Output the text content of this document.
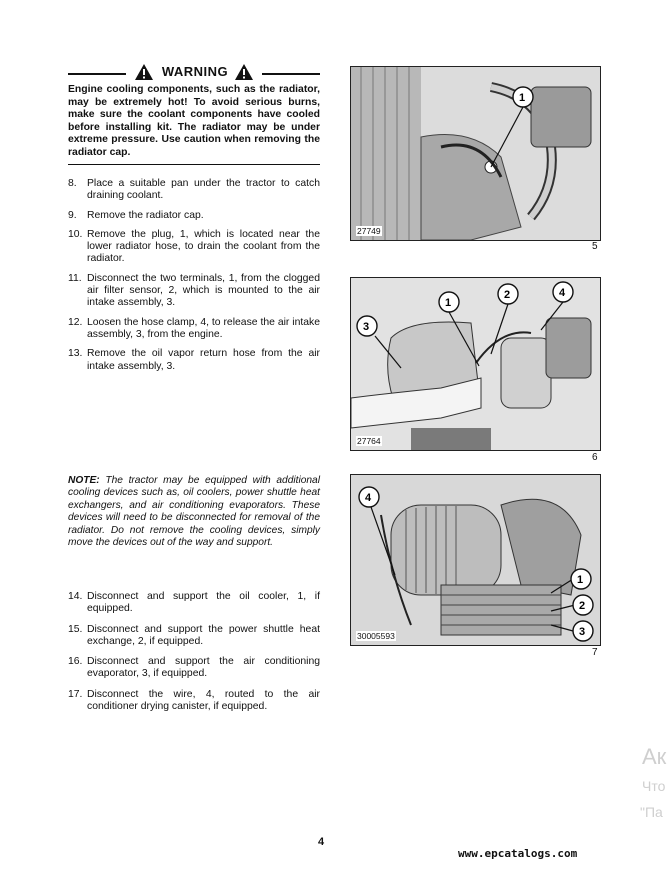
WARNING
Engine cooling components, such as the radiator, may be extremely hot! To avoid serious burns, make sure the coolant components have cooled before installing kit. The radiator may be under extreme pressure. Use caution when removing the radiator cap.
8. Place a suitable pan under the tractor to catch draining coolant.
9. Remove the radiator cap.
10. Remove the plug, 1, which is located near the lower radiator hose, to drain the coolant from the radiator.
11. Disconnect the two terminals, 1, from the clogged air filter sensor, 2, which is mounted to the air intake assembly, 3.
12. Loosen the hose clamp, 4, to release the air intake assembly, 3, from the engine.
13. Remove the oil vapor return hose from the air intake assembly, 3.
NOTE: The tractor may be equipped with additional cooling devices such as, oil coolers, power shuttle heat exchangers, and air conditioning evaporators. These devices will need to be disconnected for removal of the radiator. Do not remove the cooling devices, simply move the devices out of the way and support.
14. Disconnect and support the oil cooler, 1, if equipped.
15. Disconnect and support the power shuttle heat exchange, 2, if equipped.
16. Disconnect and support the air conditioning evaporator, 3, if equipped.
17. Disconnect the wire, 4, routed to the air conditioner drying canister, if equipped.
1
27749
5
1
2
3
4
27764
6
4
1
2
3
30005593
7
4
www.epcatalogs.com
Ак
Что
"Па
